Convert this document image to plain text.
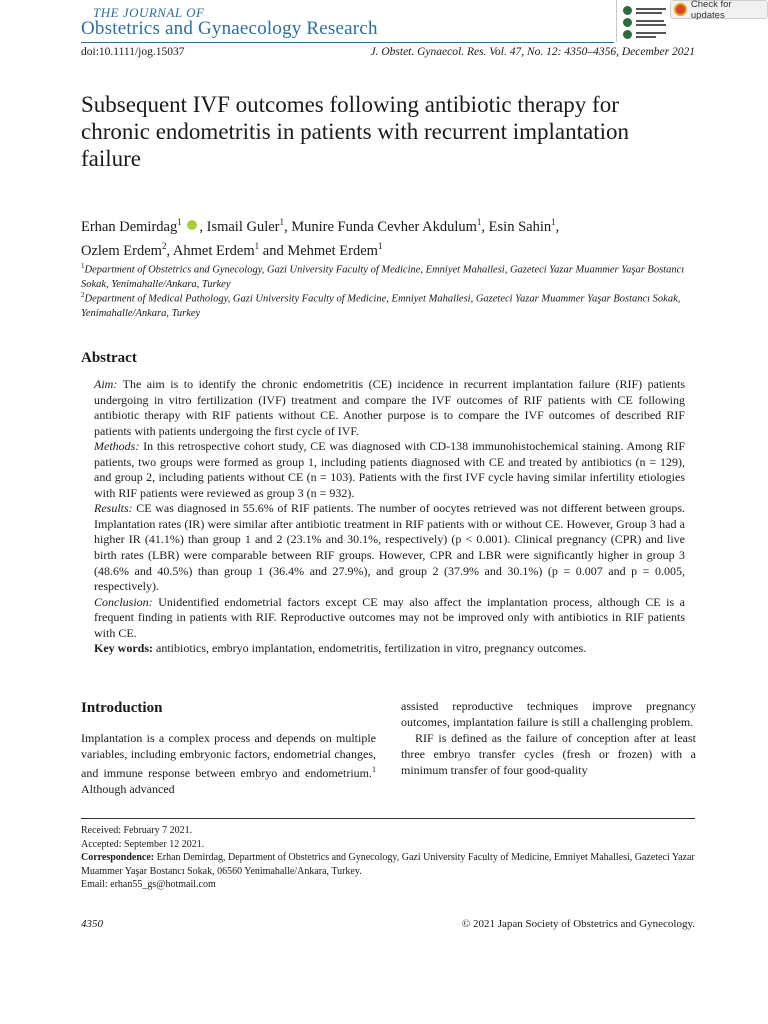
THE JOURNAL OF
Obstetrics and Gynaecology Research
Check for updates
doi:10.1111/jog.15037	J. Obstet. Gynaecol. Res. Vol. 47, No. 12: 4350–4356, December 2021
Subsequent IVF outcomes following antibiotic therapy for chronic endometritis in patients with recurrent implantation failure
Erhan Demirdag$^1$ , Ismail Guler$^1$, Munire Funda Cevher Akdulum$^1$, Esin Sahin$^1$,
Ozlem Erdem$^2$, Ahmet Erdem$^1$ and Mehmet Erdem$^1$
$^1$Department of Obstetrics and Gynecology, Gazi University Faculty of Medicine, Emniyet Mahallesi, Gazeteci Yazar Muammer Yaşar Bostancı Sokak, Yenimahalle/Ankara, Turkey
$^2$Department of Medical Pathology, Gazi University Faculty of Medicine, Emniyet Mahallesi, Gazeteci Yazar Muammer Yaşar Bostancı Sokak, Yenimahalle/Ankara, Turkey
Abstract

Aim: The aim is to identify the chronic endometritis (CE) incidence in recurrent implantation failure (RIF) patients undergoing in vitro fertilization (IVF) treatment and compare the IVF outcomes of RIF patients with CE following antibiotic therapy with RIF patients without CE. Another purpose is to compare the IVF outcomes of described RIF patients with patients undergoing the first cycle of IVF.

Methods: In this retrospective cohort study, CE was diagnosed with CD-138 immunohistochemical staining. Among RIF patients, two groups were formed as group 1, including patients diagnosed with CE and treated by antibiotics (n = 129), and group 2, including patients without CE (n = 103). Patients with the first IVF cycle having similar infertility etiologies with RIF patients were reviewed as group 3 (n = 932).

Results: CE was diagnosed in 55.6% of RIF patients. The number of oocytes retrieved was not different between groups. Implantation rates (IR) were similar after antibiotic treatment in RIF patients with or without CE. However, Group 3 had a higher IR (41.1%) than group 1 and 2 (23.1% and 30.1%, respectively) (p < 0.001). Clinical pregnancy (CPR) and live birth rates (LBR) were comparable between RIF groups. However, CPR and LBR were significantly higher in group 3 (48.6% and 40.5%) than group 1 (36.4% and 27.9%), and group 2 (37.9% and 30.1%) (p = 0.007 and p = 0.005, respectively).

Conclusion: Unidentified endometrial factors except CE may also affect the implantation process, although CE is a frequent finding in patients with RIF. Reproductive outcomes may not be improved only with antibiotics in RIF patients with CE.

Key words: antibiotics, embryo implantation, endometritis, fertilization in vitro, pregnancy outcomes.

Introduction

Implantation is a complex process and depends on multiple variables, including embryonic factors, endometrial changes, and immune response between embryo and endometrium.$^1$ Although advanced

assisted reproductive techniques improve pregnancy outcomes, implantation failure is still a challenging problem.

RIF is defined as the failure of conception after at least three embryo transfer cycles (fresh or frozen) with a minimum transfer of four good-quality

Received: February 7 2021.
Accepted: September 12 2021.
Correspondence: Erhan Demirdag, Department of Obstetrics and Gynecology, Gazi University Faculty of Medicine, Emniyet Mahallesi, Gazeteci Yazar Muammer Yaşar Bostancı Sokak, 06560 Yenimahalle/Ankara, Turkey.
Email: erhan55_gs@hotmail.com
4350	© 2021 Japan Society of Obstetrics and Gynecology.
